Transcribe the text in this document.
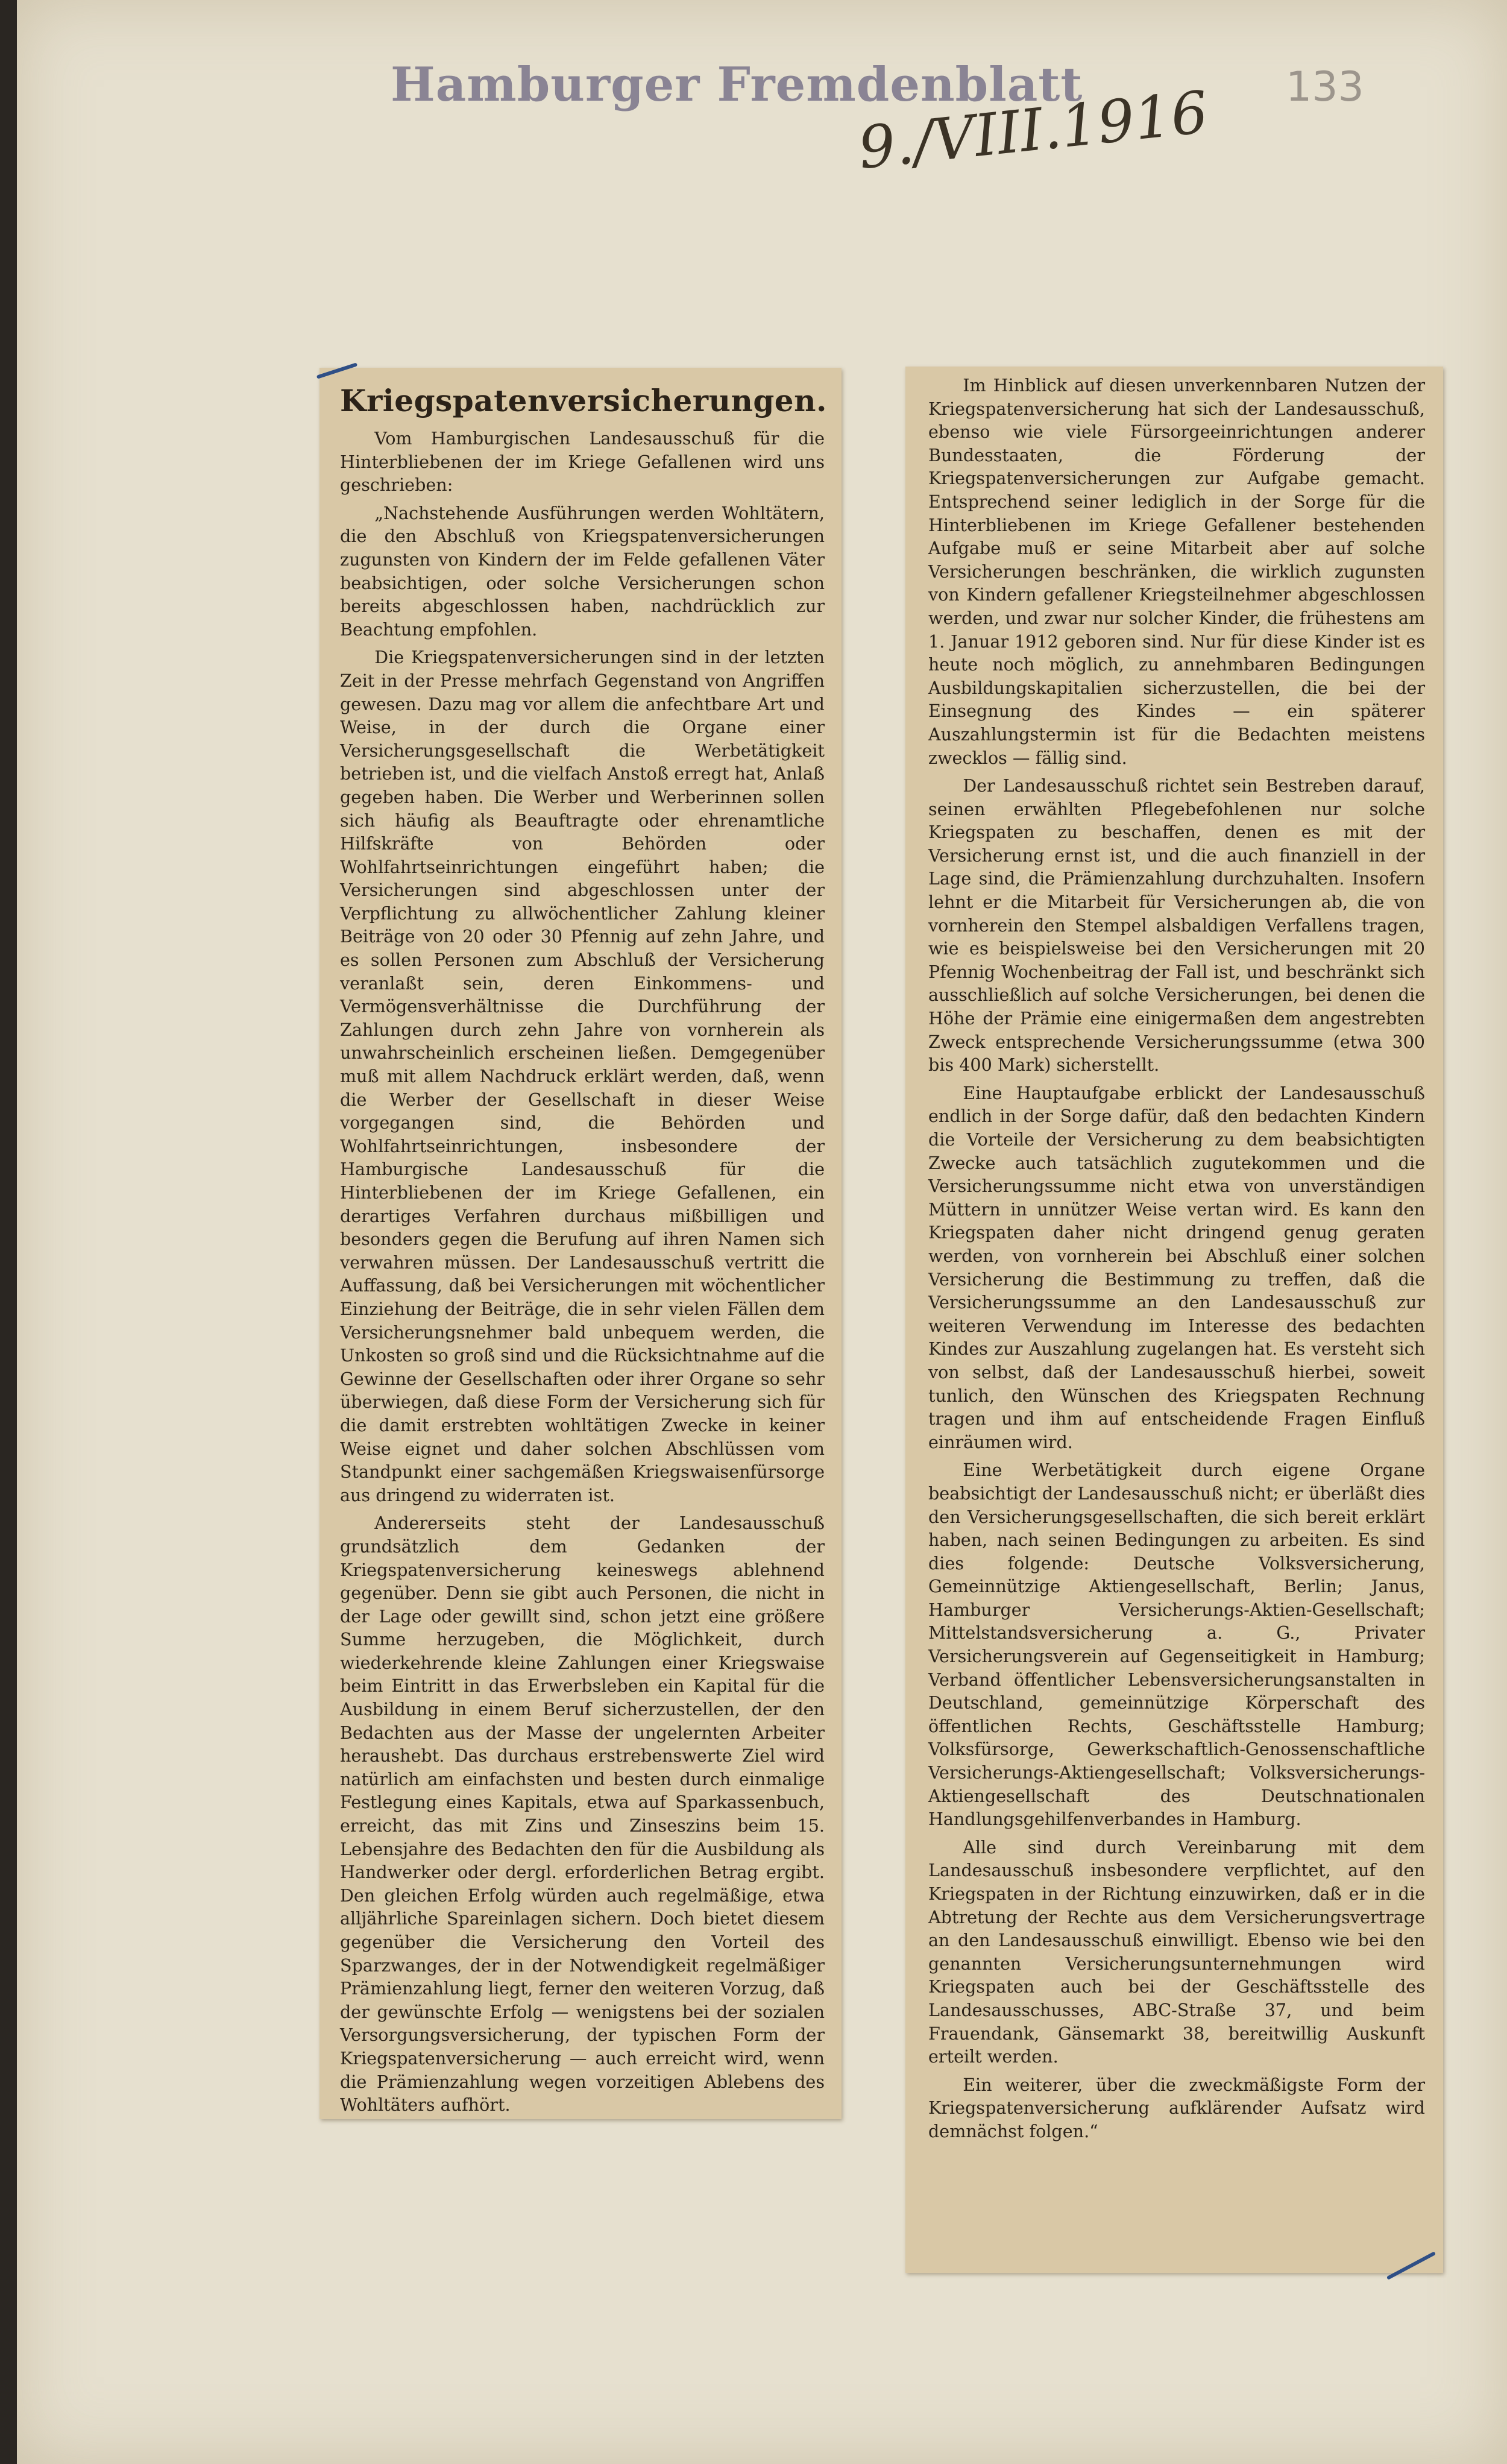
Hamburger Fremdenblatt
9./VIII.1916 133
Kriegspatenversicherungen.

Vom Hamburgischen Landesausschuß für die Hinterbliebenen der im Kriege Gefallenen wird uns geschrieben:

„Nachstehende Ausführungen werden Wohltätern, die den Abschluß von Kriegspatenversicherungen zugunsten von Kindern der im Felde gefallenen Väter beabsichtigen, oder solche Versicherungen schon bereits abgeschlossen haben, nachdrücklich zur Beachtung empfohlen.

Die Kriegspatenversicherungen sind in der letzten Zeit in der Presse mehrfach Gegenstand von Angriffen gewesen. Dazu mag vor allem die anfechtbare Art und Weise, in der durch die Organe einer Versicherungsgesellschaft die Werbetätigkeit betrieben ist, und die vielfach Anstoß erregt hat, Anlaß gegeben haben. Die Werber und Werberinnen sollen sich häufig als Beauftragte oder ehrenamtliche Hilfskräfte von Behörden oder Wohlfahrtseinrichtungen eingeführt haben; die Versicherungen sind abgeschlossen unter der Verpflichtung zu allwöchentlicher Zahlung kleiner Beiträge von 20 oder 30 Pfennig auf zehn Jahre, und es sollen Personen zum Abschluß der Versicherung veranlaßt sein, deren Einkommens- und Vermögensverhältnisse die Durchführung der Zahlungen durch zehn Jahre von vornherein als unwahrscheinlich erscheinen ließen. Demgegenüber muß mit allem Nachdruck erklärt werden, daß, wenn die Werber der Gesellschaft in dieser Weise vorgegangen sind, die Behörden und Wohlfahrtseinrichtungen, insbesondere der Hamburgische Landesausschuß für die Hinterbliebenen der im Kriege Gefallenen, ein derartiges Verfahren durchaus mißbilligen und besonders gegen die Berufung auf ihren Namen sich verwahren müssen. Der Landesausschuß vertritt die Auffassung, daß bei Versicherungen mit wöchentlicher Einziehung der Beiträge, die in sehr vielen Fällen dem Versicherungsnehmer bald unbequem werden, die Unkosten so groß sind und die Rücksichtnahme auf die Gewinne der Gesellschaften oder ihrer Organe so sehr überwiegen, daß diese Form der Versicherung sich für die damit erstrebten wohltätigen Zwecke in keiner Weise eignet und daher solchen Abschlüssen vom Standpunkt einer sachgemäßen Kriegswaisenfürsorge aus dringend zu widerraten ist.

Andererseits steht der Landesausschuß grundsätzlich dem Gedanken der Kriegspatenversicherung keineswegs ablehnend gegenüber. Denn sie gibt auch Personen, die nicht in der Lage oder gewillt sind, schon jetzt eine größere Summe herzugeben, die Möglichkeit, durch wiederkehrende kleine Zahlungen einer Kriegswaise beim Eintritt in das Erwerbsleben ein Kapital für die Ausbildung in einem Beruf sicherzustellen, der den Bedachten aus der Masse der ungelernten Arbeiter heraushebt. Das durchaus erstrebenswerte Ziel wird natürlich am einfachsten und besten durch einmalige Festlegung eines Kapitals, etwa auf Sparkassenbuch, erreicht, das mit Zins und Zinseszins beim 15. Lebensjahre des Bedachten den für die Ausbildung als Handwerker oder dergl. erforderlichen Betrag ergibt. Den gleichen Erfolg würden auch regelmäßige, etwa alljährliche Spareinlagen sichern. Doch bietet diesem gegenüber die Versicherung den Vorteil des Sparzwanges, der in der Notwendigkeit regelmäßiger Prämienzahlung liegt, ferner den weiteren Vorzug, daß der gewünschte Erfolg — wenigstens bei der sozialen Versorgungsversicherung, der typischen Form der Kriegspatenversicherung — auch erreicht wird, wenn die Prämienzahlung wegen vorzeitigen Ablebens des Wohltäters aufhört.

Im Hinblick auf diesen unverkennbaren Nutzen der Kriegspatenversicherung hat sich der Landesausschuß, ebenso wie viele Fürsorgeeinrichtungen anderer Bundesstaaten, die Förderung der Kriegspatenversicherungen zur Aufgabe gemacht. Entsprechend seiner lediglich in der Sorge für die Hinterbliebenen im Kriege Gefallener bestehenden Aufgabe muß er seine Mitarbeit aber auf solche Versicherungen beschränken, die wirklich zugunsten von Kindern gefallener Kriegsteilnehmer abgeschlossen werden, und zwar nur solcher Kinder, die frühestens am 1. Januar 1912 geboren sind. Nur für diese Kinder ist es heute noch möglich, zu annehmbaren Bedingungen Ausbildungskapitalien sicherzustellen, die bei der Einsegnung des Kindes — ein späterer Auszahlungstermin ist für die Bedachten meistens zwecklos — fällig sind.

Der Landesausschuß richtet sein Bestreben darauf, seinen erwählten Pflegebefohlenen nur solche Kriegspaten zu beschaffen, denen es mit der Versicherung ernst ist, und die auch finanziell in der Lage sind, die Prämienzahlung durchzuhalten. Insofern lehnt er die Mitarbeit für Versicherungen ab, die von vornherein den Stempel alsbaldigen Verfallens tragen, wie es beispielsweise bei den Versicherungen mit 20 Pfennig Wochenbeitrag der Fall ist, und beschränkt sich ausschließlich auf solche Versicherungen, bei denen die Höhe der Prämie eine einigermaßen dem angestrebten Zweck entsprechende Versicherungssumme (etwa 300 bis 400 Mark) sicherstellt.

Eine Hauptaufgabe erblickt der Landesausschuß endlich in der Sorge dafür, daß den bedachten Kindern die Vorteile der Versicherung zu dem beabsichtigten Zwecke auch tatsächlich zugutekommen und die Versicherungssumme nicht etwa von unverständigen Müttern in unnützer Weise vertan wird. Es kann den Kriegspaten daher nicht dringend genug geraten werden, von vornherein bei Abschluß einer solchen Versicherung die Bestimmung zu treffen, daß die Versicherungssumme an den Landesausschuß zur weiteren Verwendung im Interesse des bedachten Kindes zur Auszahlung zugelangen hat. Es versteht sich von selbst, daß der Landesausschuß hierbei, soweit tunlich, den Wünschen des Kriegspaten Rechnung tragen und ihm auf entscheidende Fragen Einfluß einräumen wird.

Eine Werbetätigkeit durch eigene Organe beabsichtigt der Landesausschuß nicht; er überläßt dies den Versicherungsgesellschaften, die sich bereit erklärt haben, nach seinen Bedingungen zu arbeiten. Es sind dies folgende: Deutsche Volksversicherung, Gemeinnützige Aktiengesellschaft, Berlin; Janus, Hamburger Versicherungs-Aktien-Gesellschaft; Mittelstandsversicherung a. G., Privater Versicherungsverein auf Gegenseitigkeit in Hamburg; Verband öffentlicher Lebensversicherungsanstalten in Deutschland, gemeinnützige Körperschaft des öffentlichen Rechts, Geschäftsstelle Hamburg; Volksfürsorge, Gewerkschaftlich-Genossenschaftliche Versicherungs-Aktiengesellschaft; Volksversicherungs-Aktiengesellschaft des Deutschnationalen Handlungsgehilfenverbandes in Hamburg.

Alle sind durch Vereinbarung mit dem Landesausschuß insbesondere verpflichtet, auf den Kriegspaten in der Richtung einzuwirken, daß er in die Abtretung der Rechte aus dem Versicherungsvertrage an den Landesausschuß einwilligt. Ebenso wie bei den genannten Versicherungsunternehmungen wird Kriegspaten auch bei der Geschäftsstelle des Landesausschusses, ABC-Straße 37, und beim Frauendank, Gänsemarkt 38, bereitwillig Auskunft erteilt werden.

Ein weiterer, über die zweckmäßigste Form der Kriegspatenversicherung aufklärender Aufsatz wird demnächst folgen.“
